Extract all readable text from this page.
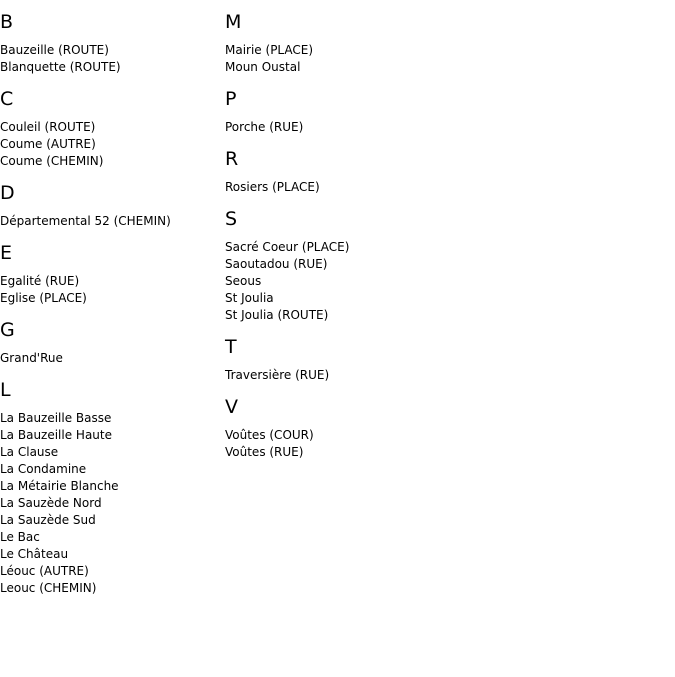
B
Bauzeille (ROUTE)
Blanquette (ROUTE)
C
Couleil (ROUTE)
Coume (AUTRE)
Coume (CHEMIN)
D
Départemental 52 (CHEMIN)
E
Egalité (RUE)
Eglise (PLACE)
G
Grand'Rue
L
La Bauzeille Basse
La Bauzeille Haute
La Clause
La Condamine
La Métairie Blanche
La Sauzède Nord
La Sauzède Sud
Le Bac
Le Château
Léouc (AUTRE)
Leouc (CHEMIN)
M
Mairie (PLACE)
Moun Oustal
P
Porche (RUE)
R
Rosiers (PLACE)
S
Sacré Coeur (PLACE)
Saoutadou (RUE)
Seous
St Joulia
St Joulia (ROUTE)
T
Traversière (RUE)
V
Voûtes (COUR)
Voûtes (RUE)
